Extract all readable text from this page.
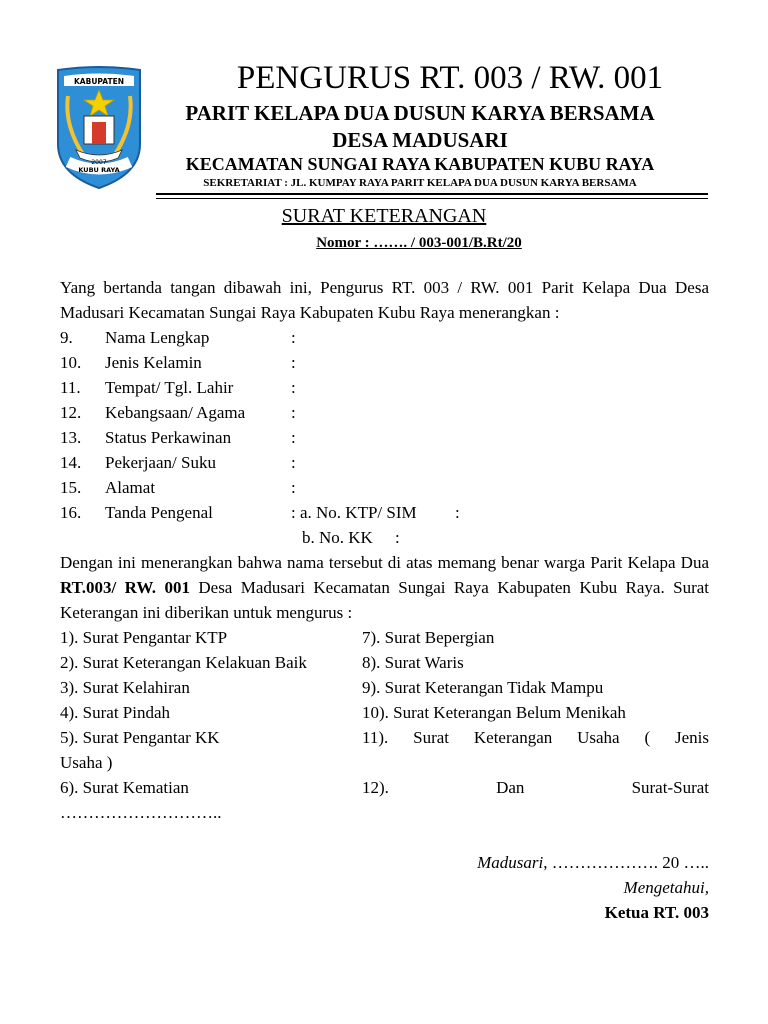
KABUPATEN
2007
KUBU RAYA
PENGURUS RT. 003 / RW. 001
PARIT KELAPA DUA DUSUN KARYA BERSAMA
DESA MADUSARI
KECAMATAN SUNGAI RAYA KABUPATEN KUBU RAYA
SEKRETARIAT : JL. KUMPAY RAYA PARIT KELAPA DUA DUSUN KARYA BERSAMA
SURAT KETERANGAN
Nomor : ……. / 003-001/B.Rt/20
Yang bertanda tangan dibawah ini, Pengurus RT. 003 / RW. 001 Parit Kelapa Dua Desa Madusari Kecamatan Sungai Raya Kabupaten Kubu Raya menerangkan :
9. Nama Lengkap	:
10. Jenis Kelamin	:
11. Tempat/ Tgl. Lahir	:
12. Kebangsaan/ Agama	:
13. Status Perkawinan	:
14. Pekerjaan/ Suku	:
15. Alamat	:
16. Tanda Pengenal	: a. No. KTP/ SIM :
b. No. KK :
Dengan ini menerangkan bahwa nama tersebut di atas memang benar warga Parit Kelapa Dua RT.003/ RW. 001 Desa Madusari Kecamatan Sungai Raya Kabupaten Kubu Raya. Surat Keterangan ini diberikan untuk mengurus :
1). Surat Pengantar KTP
2). Surat Keterangan Kelakuan Baik
3). Surat Kelahiran
4). Surat Pindah
5). Surat Pengantar KK
6). Surat Kematian
7). Surat Bepergian
8). Surat Waris
9). Surat Keterangan Tidak Mampu
10). Surat Keterangan Belum Menikah
11). Surat Keterangan Usaha ( Jenis
Usaha )
12).	Dan	Surat-Surat
………………………..
Madusari, ………………. 20 …..
Mengetahui,
Ketua RT. 003
